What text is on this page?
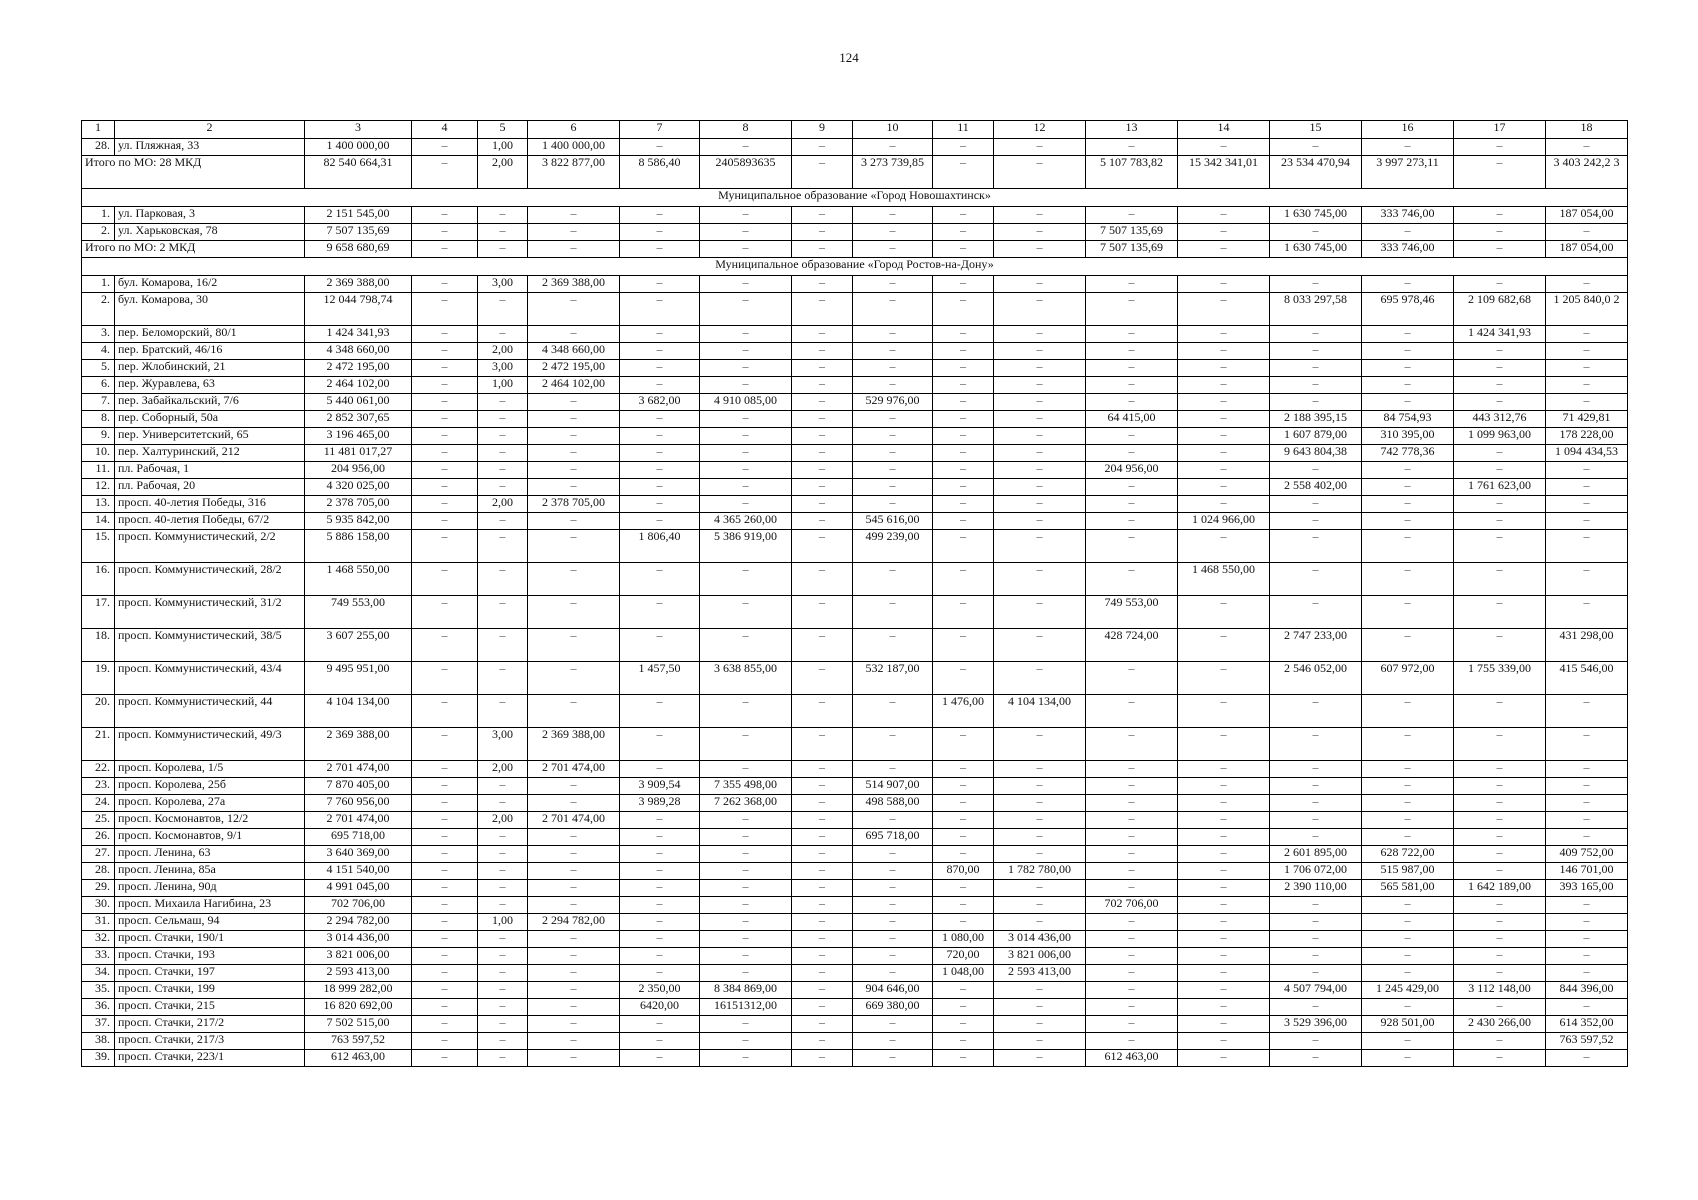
124
1	2	3	4	5	6	7	8	9	10	11	12	13	14	15	16	17	18
28.	ул. Пляжная, 33	1 400 000,00	–	1,00	1 400 000,00	–	–	–	–	–	–	–	–	–	–	–	–
Итого по МО: 28 МКД		82 540 664,31	–	2,00	3 822 877,00	8 586,40	2405893635	–	3 273 739,85	–	–	5 107 783,82	15 342 341,01	23 534 470,94	3 997 273,11	–	3 403 242,2 3
Муниципальное образование «Город Новошахтинск»																	
1.	ул. Парковая, 3	2 151 545,00	–	–	–	–	–	–	–	–	–	–	–	1 630 745,00	333 746,00	–	187 054,00
2.	ул. Харьковская, 78	7 507 135,69	–	–	–	–	–	–	–	–	–	7 507 135,69	–	–	–	–	–
Итого по МО: 2 МКД		9 658 680,69	–	–	–	–	–	–	–	–	–	7 507 135,69	–	1 630 745,00	333 746,00	–	187 054,00
Муниципальное образование «Город Ростов-на-Дону»																	
1.	бул. Комарова, 16/2	2 369 388,00	–	3,00	2 369 388,00	–	–	–	–	–	–	–	–	–	–	–	–
2.	бул. Комарова, 30	12 044 798,74	–	–	–	–	–	–	–	–	–	–	–	8 033 297,58	695 978,46	2 109 682,68	1 205 840,0 2
3.	пер. Беломорский, 80/1	1 424 341,93	–	–	–	–	–	–	–	–	–	–	–	–	–	1 424 341,93	–
4.	пер. Братский, 46/16	4 348 660,00	–	2,00	4 348 660,00	–	–	–	–	–	–	–	–	–	–	–	–
5.	пер. Жлобинский, 21	2 472 195,00	–	3,00	2 472 195,00	–	–	–	–	–	–	–	–	–	–	–	–
6.	пер. Журавлева, 63	2 464 102,00	–	1,00	2 464 102,00	–	–	–	–	–	–	–	–	–	–	–	–
7.	пер. Забайкальский, 7/6	5 440 061,00	–	–	–	3 682,00	4 910 085,00	–	529 976,00	–	–	–	–	–	–	–	–
8.	пер. Соборный, 50а	2 852 307,65	–	–	–	–	–	–	–	–	–	64 415,00	–	2 188 395,15	84 754,93	443 312,76	71 429,81
9.	пер. Университетский, 65	3 196 465,00	–	–	–	–	–	–	–	–	–	–	–	1 607 879,00	310 395,00	1 099 963,00	178 228,00
10.	пер. Халтуринский, 212	11 481 017,27	–	–	–	–	–	–	–	–	–	–	–	9 643 804,38	742 778,36	–	1 094 434,53
11.	пл. Рабочая, 1	204 956,00	–	–	–	–	–	–	–	–	–	204 956,00	–	–	–	–	–
12.	пл. Рабочая, 20	4 320 025,00	–	–	–	–	–	–	–	–	–	–	–	2 558 402,00	–	1 761 623,00	–
13.	просп. 40-летия Победы, 316	2 378 705,00	–	2,00	2 378 705,00	–	–	–	–	–	–	–	–	–	–	–	–
14.	просп. 40-летия Победы, 67/2	5 935 842,00	–	–	–	–	4 365 260,00	–	545 616,00	–	–	–	1 024 966,00	–	–	–	–
15.	просп. Коммунистический, 2/2	5 886 158,00	–	–	–	1 806,40	5 386 919,00	–	499 239,00	–	–	–	–	–	–	–	–
16.	просп. Коммунистический, 28/2	1 468 550,00	–	–	–	–	–	–	–	–	–	–	1 468 550,00	–	–	–	–
17.	просп. Коммунистический, 31/2	749 553,00	–	–	–	–	–	–	–	–	–	749 553,00	–	–	–	–	–
18.	просп. Коммунистический, 38/5	3 607 255,00	–	–	–	–	–	–	–	–	–	428 724,00	–	2 747 233,00	–	–	431 298,00
19.	просп. Коммунистический, 43/4	9 495 951,00	–	–	–	1 457,50	3 638 855,00	–	532 187,00	–	–	–	–	2 546 052,00	607 972,00	1 755 339,00	415 546,00
20.	просп. Коммунистический, 44	4 104 134,00	–	–	–	–	–	–	–	1 476,00	4 104 134,00	–	–	–	–	–	–
21.	просп. Коммунистический, 49/3	2 369 388,00	–	3,00	2 369 388,00	–	–	–	–	–	–	–	–	–	–	–	–
22.	просп. Королева, 1/5	2 701 474,00	–	2,00	2 701 474,00	–	–	–	–	–	–	–	–	–	–	–	–
23.	просп. Королева, 25б	7 870 405,00	–	–	–	3 909,54	7 355 498,00	–	514 907,00	–	–	–	–	–	–	–	–
24.	просп. Королева, 27а	7 760 956,00	–	–	–	3 989,28	7 262 368,00	–	498 588,00	–	–	–	–	–	–	–	–
25.	просп. Космонавтов, 12/2	2 701 474,00	–	2,00	2 701 474,00	–	–	–	–	–	–	–	–	–	–	–	–
26.	просп. Космонавтов, 9/1	695 718,00	–	–	–	–	–	–	695 718,00	–	–	–	–	–	–	–	–
27.	просп. Ленина, 63	3 640 369,00	–	–	–	–	–	–	–	–	–	–	–	2 601 895,00	628 722,00	–	409 752,00
28.	просп. Ленина, 85а	4 151 540,00	–	–	–	–	–	–	–	870,00	1 782 780,00	–	–	1 706 072,00	515 987,00	–	146 701,00
29.	просп. Ленина, 90д	4 991 045,00	–	–	–	–	–	–	–	–	–	–	–	2 390 110,00	565 581,00	1 642 189,00	393 165,00
30.	просп. Михаила Нагибина, 23	702 706,00	–	–	–	–	–	–	–	–	–	702 706,00	–	–	–	–	–
31.	просп. Сельмаш, 94	2 294 782,00	–	1,00	2 294 782,00	–	–	–	–	–	–	–	–	–	–	–	–
32.	просп. Стачки, 190/1	3 014 436,00	–	–	–	–	–	–	–	1 080,00	3 014 436,00	–	–	–	–	–	–
33.	просп. Стачки, 193	3 821 006,00	–	–	–	–	–	–	–	720,00	3 821 006,00	–	–	–	–	–	–
34.	просп. Стачки, 197	2 593 413,00	–	–	–	–	–	–	–	1 048,00	2 593 413,00	–	–	–	–	–	–
35.	просп. Стачки, 199	18 999 282,00	–	–	–	2 350,00	8 384 869,00	–	904 646,00	–	–	–	–	4 507 794,00	1 245 429,00	3 112 148,00	844 396,00
36.	просп. Стачки, 215	16 820 692,00	–	–	–	6420,00	16151312,00	–	669 380,00	–	–	–	–	–	–	–	–
37.	просп. Стачки, 217/2	7 502 515,00	–	–	–	–	–	–	–	–	–	–	–	3 529 396,00	928 501,00	2 430 266,00	614 352,00
38.	просп. Стачки, 217/3	763 597,52	–	–	–	–	–	–	–	–	–	–	–	–	–	–	763 597,52
39.	просп. Стачки, 223/1	612 463,00	–	–	–	–	–	–	–	–	–	612 463,00	–	–	–	–	–
